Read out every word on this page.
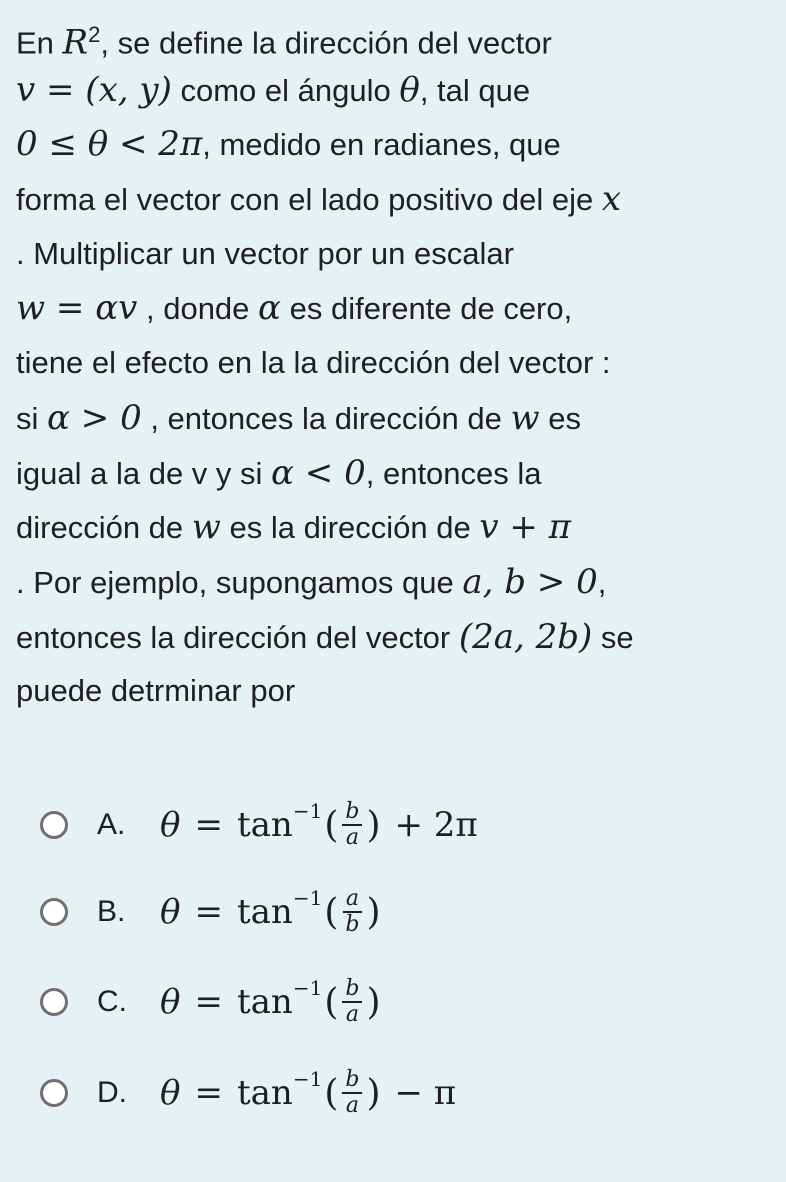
En $R^2$, se define la dirección del vector
v = (x, y) como el ángulo θ, tal que
0 ≤ θ < 2π, medido en radianes, que
forma el vector con el lado positivo del eje x
. Multiplicar un vector por un escalar
w = αv , donde α es diferente de cero,
tiene el efecto en la la dirección del vector :
si α > 0 , entonces la dirección de w es
igual a la de v y si α < 0, entonces la
dirección de w es la dirección de v + π
. Por ejemplo, supongamos que a, b > 0,
entonces la dirección del vector (2a, 2b) se
puede detrminar por
A. θ = tan −1 ( $\frac{b}{a}$ ) + 2π
B. θ = tan −1 ( $\frac{a}{b}$ )
C. θ = tan −1 ( $\frac{b}{a}$ )
D. θ = tan −1 ( $\frac{b}{a}$ ) − π
